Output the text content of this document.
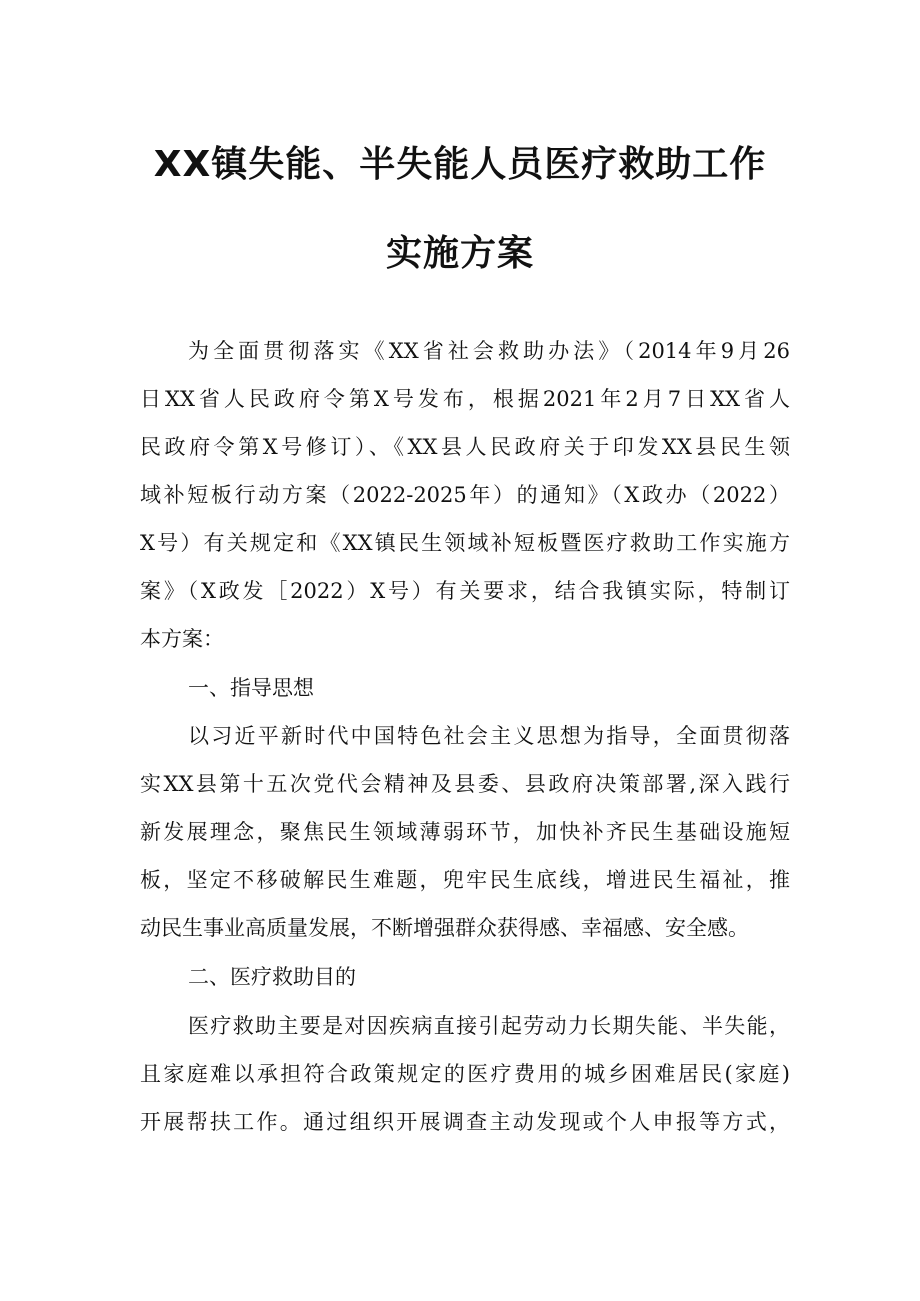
XX镇失能、半失能人员医疗救助工作
实施方案
为全面贯彻落实《XX省社会救助办法》（2014年9月26
日XX省人民政府令第X号发布，根据2021年2月7日XX省人
民政府令第X号修订）、《XX县人民政府关于印发XX县民生领
域补短板行动方案（2022-2025年）的通知》（X政办（2022）
X号）有关规定和《XX镇民生领域补短板暨医疗救助工作实施方
案》（X政发［2022）X号）有关要求，结合我镇实际，特制订
本方案：
一、指导思想
以习近平新时代中国特色社会主义思想为指导，全面贯彻落
实XX县第十五次党代会精神及县委、县政府决策部署,深入践行
新发展理念，聚焦民生领域薄弱环节，加快补齐民生基础设施短
板，坚定不移破解民生难题，兜牢民生底线，增进民生福祉，推
动民生事业高质量发展，不断增强群众获得感、幸福感、安全感。
二、医疗救助目的
医疗救助主要是对因疾病直接引起劳动力长期失能、半失能，
且家庭难以承担符合政策规定的医疗费用的城乡困难居民(家庭)
开展帮扶工作。通过组织开展调查主动发现或个人申报等方式，
